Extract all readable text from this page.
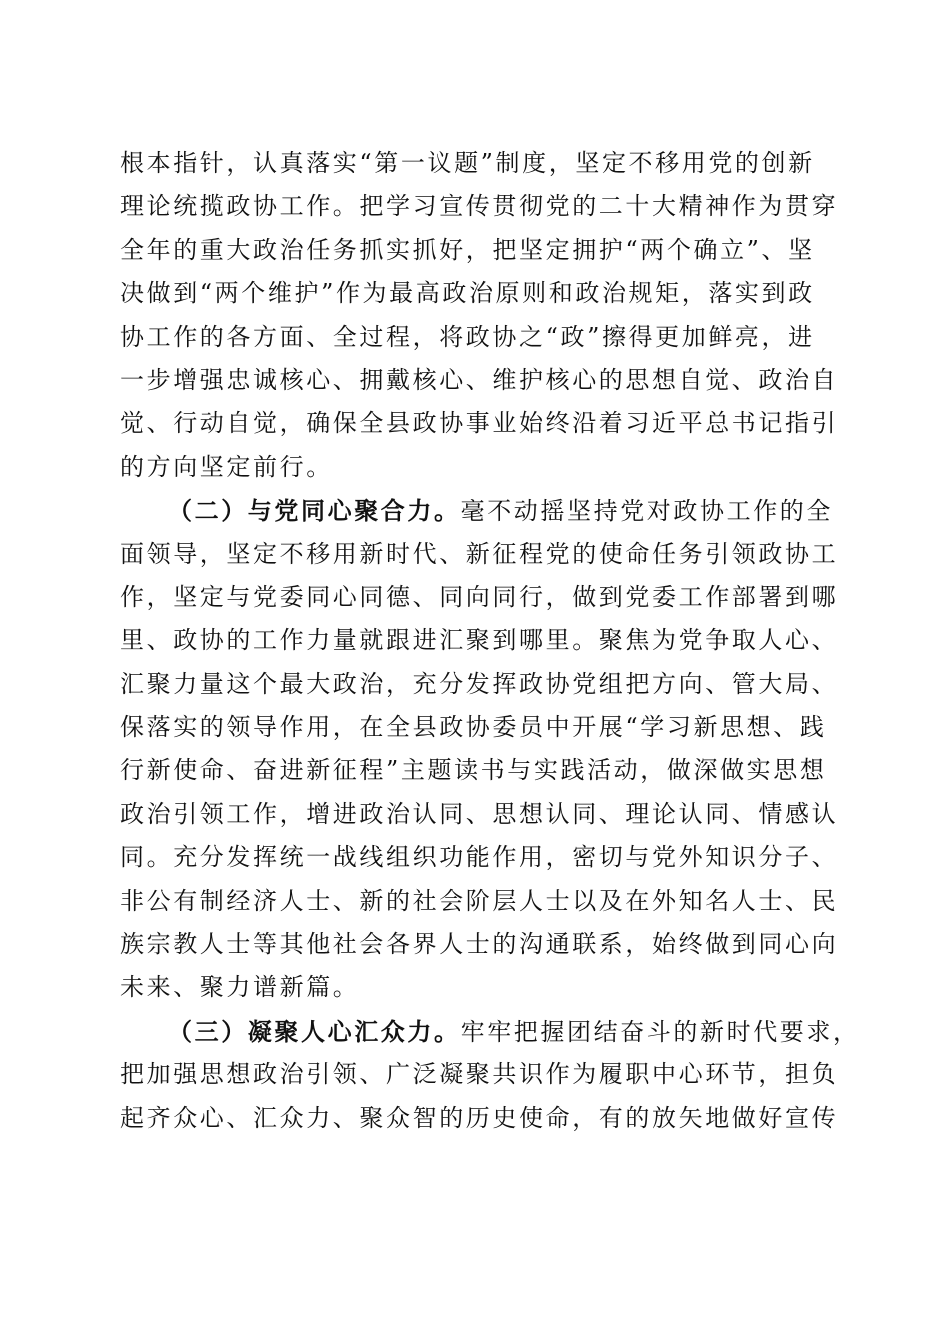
根本指针，认真落实“第一议题”制度，坚定不移用党的创新
理论统揽政协工作。把学习宣传贯彻党的二十大精神作为贯穿
全年的重大政治任务抓实抓好，把坚定拥护“两个确立”、坚
决做到“两个维护”作为最高政治原则和政治规矩，落实到政
协工作的各方面、全过程，将政协之“政”擦得更加鲜亮，进
一步增强忠诚核心、拥戴核心、维护核心的思想自觉、政治自
觉、行动自觉，确保全县政协事业始终沿着习近平总书记指引
的方向坚定前行。
（二）与党同心聚合力。毫不动摇坚持党对政协工作的全
面领导，坚定不移用新时代、新征程党的使命任务引领政协工
作，坚定与党委同心同德、同向同行，做到党委工作部署到哪
里、政协的工作力量就跟进汇聚到哪里。聚焦为党争取人心、
汇聚力量这个最大政治，充分发挥政协党组把方向、管大局、
保落实的领导作用，在全县政协委员中开展“学习新思想、践
行新使命、奋进新征程”主题读书与实践活动，做深做实思想
政治引领工作，增进政治认同、思想认同、理论认同、情感认
同。充分发挥统一战线组织功能作用，密切与党外知识分子、
非公有制经济人士、新的社会阶层人士以及在外知名人士、民
族宗教人士等其他社会各界人士的沟通联系，始终做到同心向
未来、聚力谱新篇。
（三）凝聚人心汇众力。牢牢把握团结奋斗的新时代要求，
把加强思想政治引领、广泛凝聚共识作为履职中心环节，担负
起齐众心、汇众力、聚众智的历史使命，有的放矢地做好宣传
